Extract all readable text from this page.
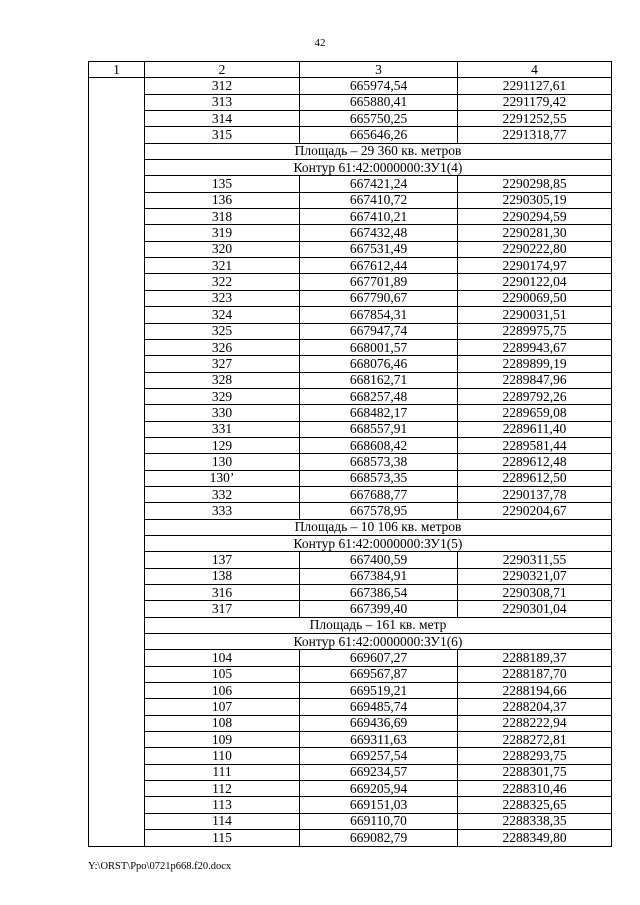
42
1	2	3	4
	312	665974,54	2291127,61
	313	665880,41	2291179,42
	314	665750,25	2291252,55
	315	665646,26	2291318,77
	Площадь – 29 360 кв. метров		
	Контур 61:42:0000000:ЗУ1(4)		
	135	667421,24	2290298,85
	136	667410,72	2290305,19
	318	667410,21	2290294,59
	319	667432,48	2290281,30
	320	667531,49	2290222,80
	321	667612,44	2290174,97
	322	667701,89	2290122,04
	323	667790,67	2290069,50
	324	667854,31	2290031,51
	325	667947,74	2289975,75
	326	668001,57	2289943,67
	327	668076,46	2289899,19
	328	668162,71	2289847,96
	329	668257,48	2289792,26
	330	668482,17	2289659,08
	331	668557,91	2289611,40
	129	668608,42	2289581,44
	130	668573,38	2289612,48
	130’	668573,35	2289612,50
	332	667688,77	2290137,78
	333	667578,95	2290204,67
	Площадь – 10 106 кв. метров		
	Контур 61:42:0000000:ЗУ1(5)		
	137	667400,59	2290311,55
	138	667384,91	2290321,07
	316	667386,54	2290308,71
	317	667399,40	2290301,04
	Площадь – 161 кв. метр		
	Контур 61:42:0000000:ЗУ1(6)		
	104	669607,27	2288189,37
	105	669567,87	2288187,70
	106	669519,21	2288194,66
	107	669485,74	2288204,37
	108	669436,69	2288222,94
	109	669311,63	2288272,81
	110	669257,54	2288293,75
	111	669234,57	2288301,75
	112	669205,94	2288310,46
	113	669151,03	2288325,65
	114	669110,70	2288338,35
	115	669082,79	2288349,80
Y:\ORST\Ppo\0721p668.f20.docx
